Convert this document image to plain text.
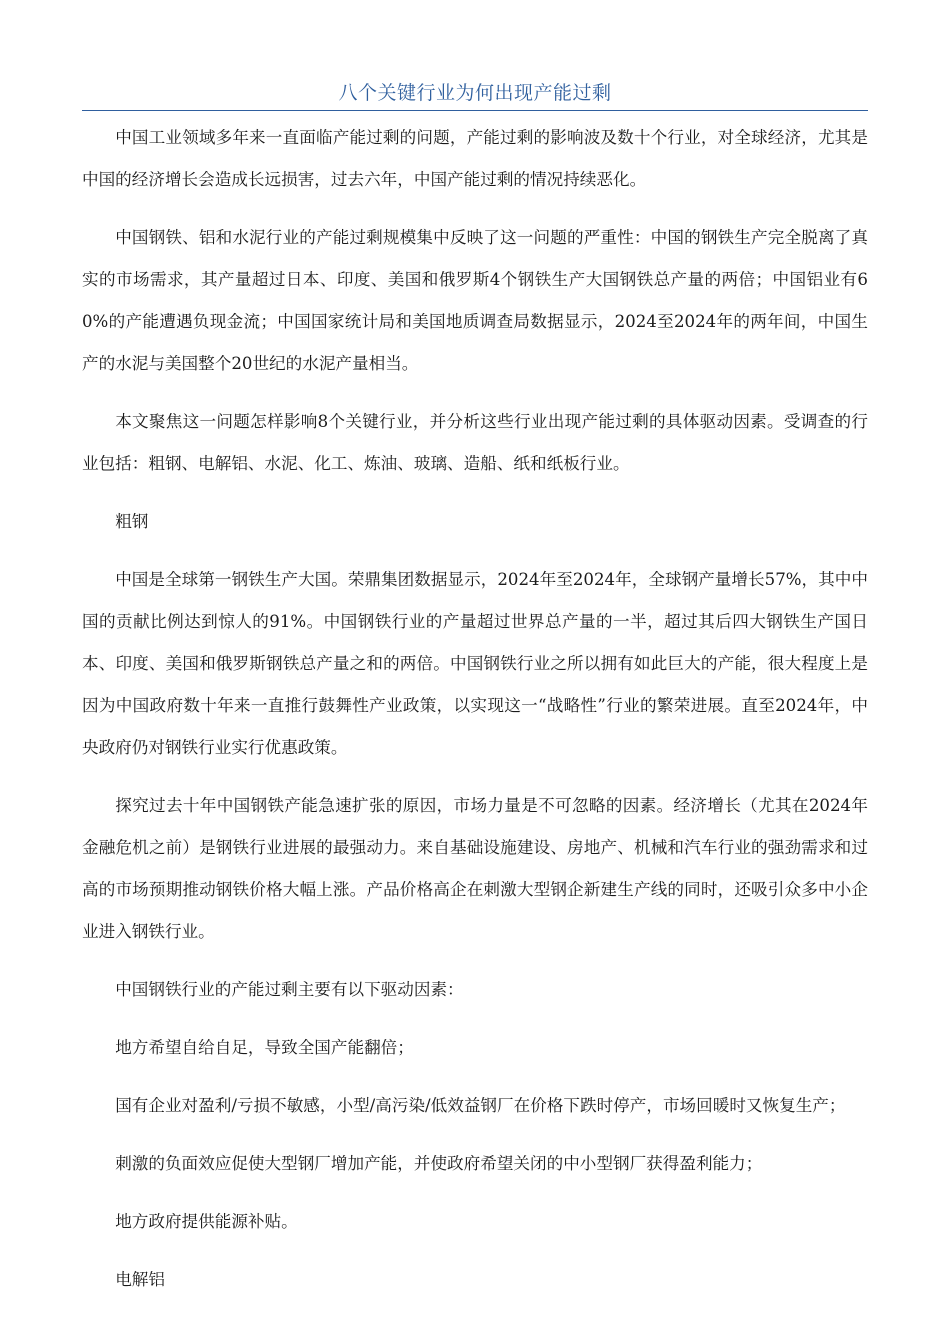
八个关键行业为何出现产能过剩

中国工业领域多年来一直面临产能过剩的问题，产能过剩的影响波及数十个行业，对全球经济，尤其是中国的经济增长会造成长远损害，过去六年，中国产能过剩的情况持续恶化。

中国钢铁、铝和水泥行业的产能过剩规模集中反映了这一问题的严重性：中国的钢铁生产完全脱离了真实的市场需求，其产量超过日本、印度、美国和俄罗斯4个钢铁生产大国钢铁总产量的两倍；中国铝业有60%的产能遭遇负现金流；中国国家统计局和美国地质调查局数据显示，2024至2024年的两年间，中国生产的水泥与美国整个20世纪的水泥产量相当。

本文聚焦这一问题怎样影响8个关键行业，并分析这些行业出现产能过剩的具体驱动因素。受调查的行业包括：粗钢、电解铝、水泥、化工、炼油、玻璃、造船、纸和纸板行业。

粗钢

中国是全球第一钢铁生产大国。荣鼎集团数据显示，2024年至2024年，全球钢产量增长57%，其中中国的贡献比例达到惊人的91%。中国钢铁行业的产量超过世界总产量的一半，超过其后四大钢铁生产国日本、印度、美国和俄罗斯钢铁总产量之和的两倍。中国钢铁行业之所以拥有如此巨大的产能，很大程度上是因为中国政府数十年来一直推行鼓舞性产业政策，以实现这一“战略性”行业的繁荣进展。直至2024年，中央政府仍对钢铁行业实行优惠政策。

探究过去十年中国钢铁产能急速扩张的原因，市场力量是不可忽略的因素。经济增长（尤其在2024年金融危机之前）是钢铁行业进展的最强动力。来自基础设施建设、房地产、机械和汽车行业的强劲需求和过高的市场预期推动钢铁价格大幅上涨。产品价格高企在刺激大型钢企新建生产线的同时，还吸引众多中小企业进入钢铁行业。

中国钢铁行业的产能过剩主要有以下驱动因素：

地方希望自给自足，导致全国产能翻倍；

国有企业对盈利/亏损不敏感，小型/高污染/低效益钢厂在价格下跌时停产，市场回暖时又恢复生产；

刺激的负面效应促使大型钢厂增加产能，并使政府希望关闭的中小型钢厂获得盈利能力；

地方政府提供能源补贴。

电解铝
